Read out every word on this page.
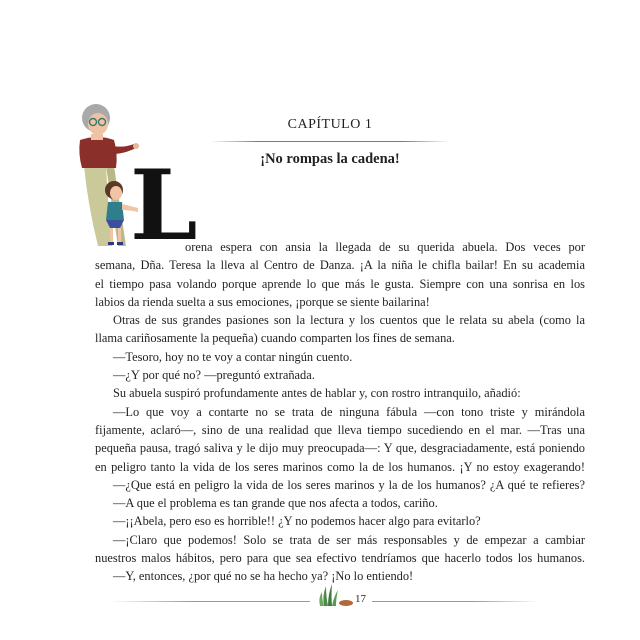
CAPÍTULO 1
¡No rompas la cadena!
L
orena espera con ansia la llegada de su querida abuela. Dos veces por
semana, Dña. Teresa la lleva al Centro de Danza. ¡A la niña le chifla bailar! En su academia
el tiempo pasa volando porque aprende lo que más le gusta. Siempre con una sonrisa en los
labios da rienda suelta a sus emociones, ¡porque se siente bailarina!
Otras de sus grandes pasiones son la lectura y los cuentos que le relata su abela (como la
llama cariñosamente la pequeña) cuando comparten los fines de semana.
—Tesoro, hoy no te voy a contar ningún cuento.
—¿Y por qué no? —preguntó extrañada.
Su abuela suspiró profundamente antes de hablar y, con rostro intranquilo, añadió:
—Lo que voy a contarte no se trata de ninguna fábula —con tono triste y mirándola
fijamente, aclaró—, sino de una realidad que lleva tiempo sucediendo en el mar. —Tras una
pequeña pausa, tragó saliva y le dijo muy preocupada—: Y que, desgraciadamente, está poniendo
en peligro tanto la vida de los seres marinos como la de los humanos. ¡Y no estoy exagerando!
—¿Que está en peligro la vida de los seres marinos y la de los humanos? ¿A qué te refieres?
—A que el problema es tan grande que nos afecta a todos, cariño.
—¡¡Abela, pero eso es horrible!! ¿Y no podemos hacer algo para evitarlo?
—¡Claro que podemos! Solo se trata de ser más responsables y de empezar a cambiar
nuestros malos hábitos, pero para que sea efectivo tendríamos que hacerlo todos los humanos.
—Y, entonces, ¿por qué no se ha hecho ya? ¡No lo entiendo!
17
